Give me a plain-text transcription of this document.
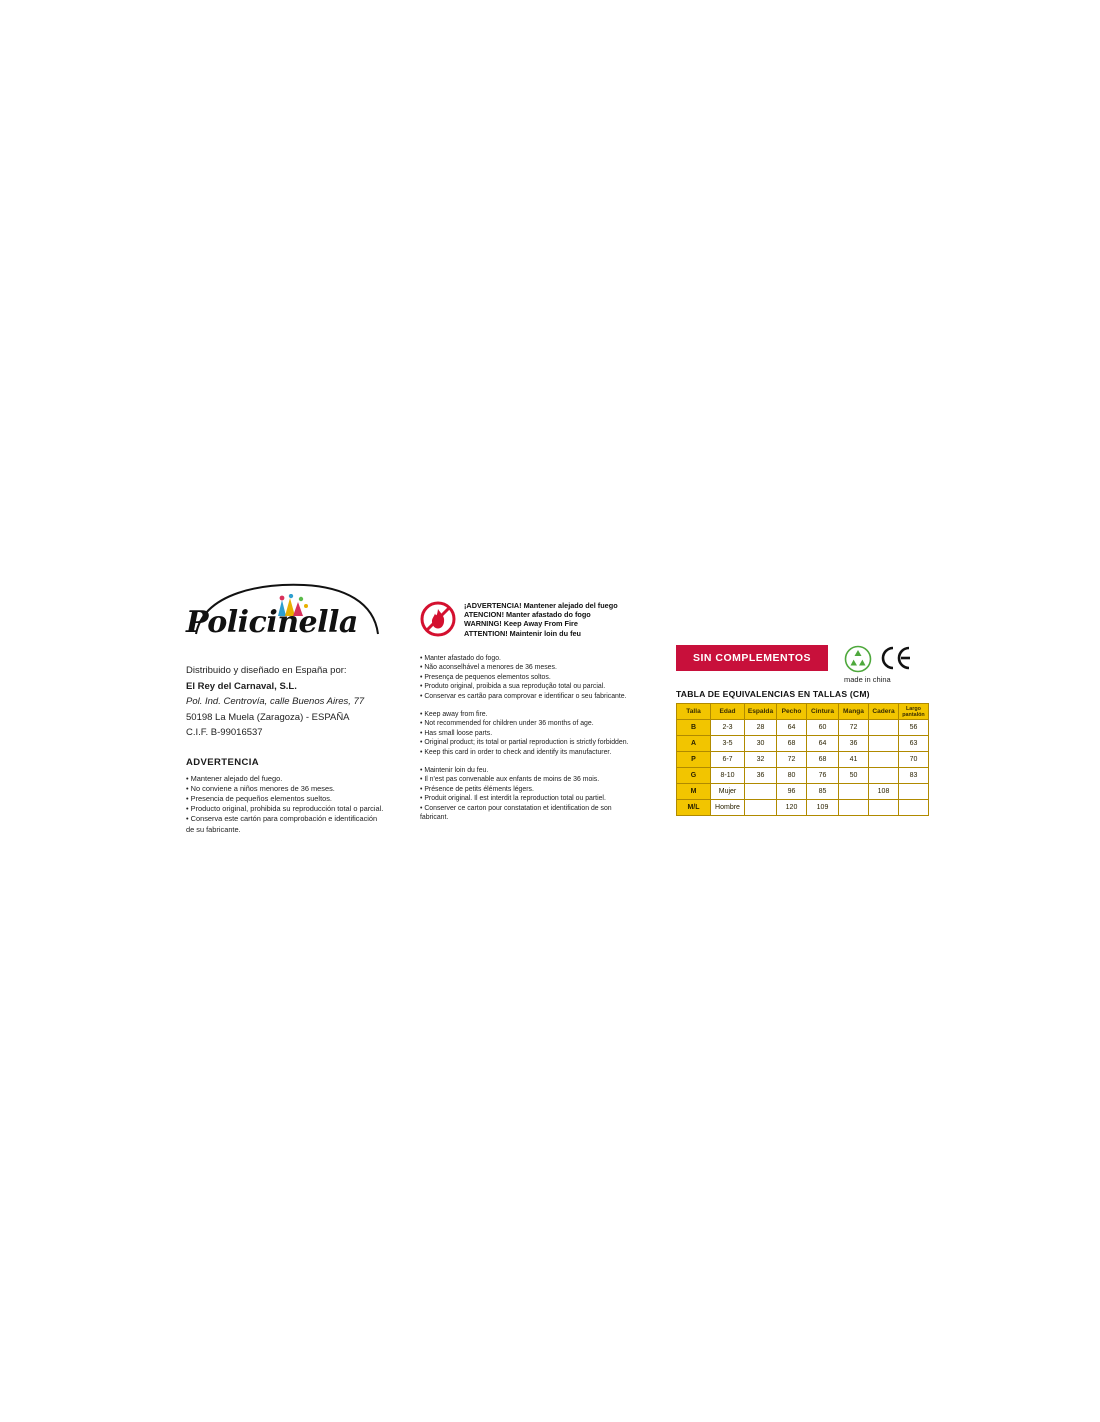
Policinella
Distribuido y diseñado en España por:
El Rey del Carnaval, S.L.
Pol. Ind. Centrovía, calle Buenos Aires, 77
50198 La Muela (Zaragoza) - ESPAÑA
C.I.F. B-99016537
ADVERTENCIA
• Mantener alejado del fuego.
• No conviene a niños menores de 36 meses.
• Presencia de pequeños elementos sueltos.
• Producto original, prohibida su reproducción total o parcial.
• Conserva este cartón para comprobación e identificación
de su fabricante.
¡ADVERTENCIA! Mantener alejado del fuego
ATENCION! Manter afastado do fogo
WARNING! Keep Away From Fire
ATTENTION! Maintenir loin du feu
• Manter afastado do fogo.
• Não aconselhável a menores de 36 meses.
• Presença de pequenos elementos soltos.
• Produto original, proibida a sua reprodução total ou parcial.
• Conservar es cartão para comprovar e identificar o seu fabricante.
• Keep away from fire.
• Not recommended for children under 36 months of age.
• Has small loose parts.
• Original product; its total or partial reproduction is strictly forbidden.
• Keep this card in order to check and identify its manufacturer.
• Maintenir loin du feu.
• Il n'est pas convenable aux enfants de moins de 36 mois.
• Présence de petits éléments légers.
• Produit original. Il est interdit la reproduction total ou partiel.
• Conserver ce carton pour constatation et identification de son
fabricant.
SIN COMPLEMENTOS
made in china
TABLA DE EQUIVALENCIAS EN TALLAS (CM)
Talla	Edad	Espalda	Pecho	Cintura	Manga	Cadera	Largo pantalón
B	2-3	28	64	60	72		56
A	3-5	30	68	64	36		63
P	6-7	32	72	68	41		70
G	8-10	36	80	76	50		83
M	Mujer		96	85		108	
M/L	Hombre		120	109			
